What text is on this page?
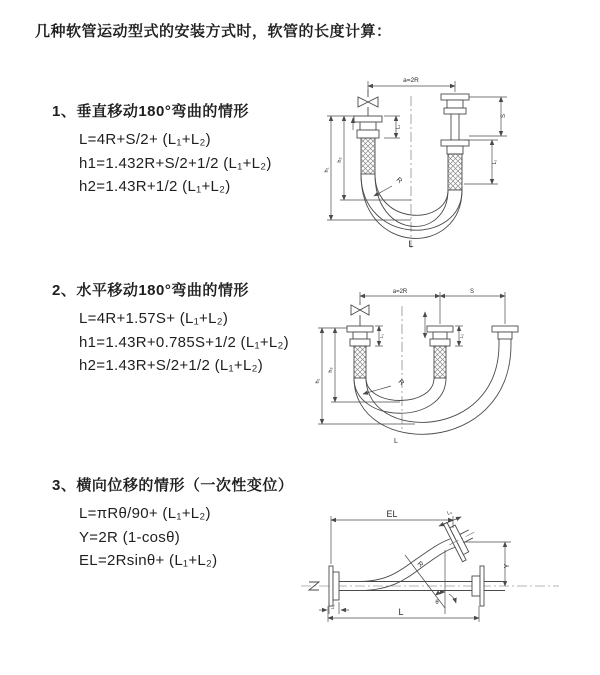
几种软管运动型式的安装方式时，软管的长度计算：
1、垂直移动180°弯曲的情形
L=4R+S/2+ (L₁+L₂)
h1=1.432R+S/2+1/2 (L₁+L₂)
h2=1.43R+1/2 (L₁+L₂)
a=2R
L₁
S
L₂
h₂
h₁
R
L
2、水平移动180°弯曲的情形
L=4R+1.57S+ (L₁+L₂)
h1=1.43R+0.785S+1/2 (L₁+L₂)
h2=1.43R+S/2+1/2 (L₁+L₂)
a=2R	S
L₁	L₂
h₂
h₁	R
L
3、横向位移的情形（一次性变位）
L=πRθ/90+ (L₁+L₂)
Y=2R (1-cosθ)
EL=2Rsinθ+ (L₁+L₂)
EL	L₂
Y
R
θ
L₁	L
